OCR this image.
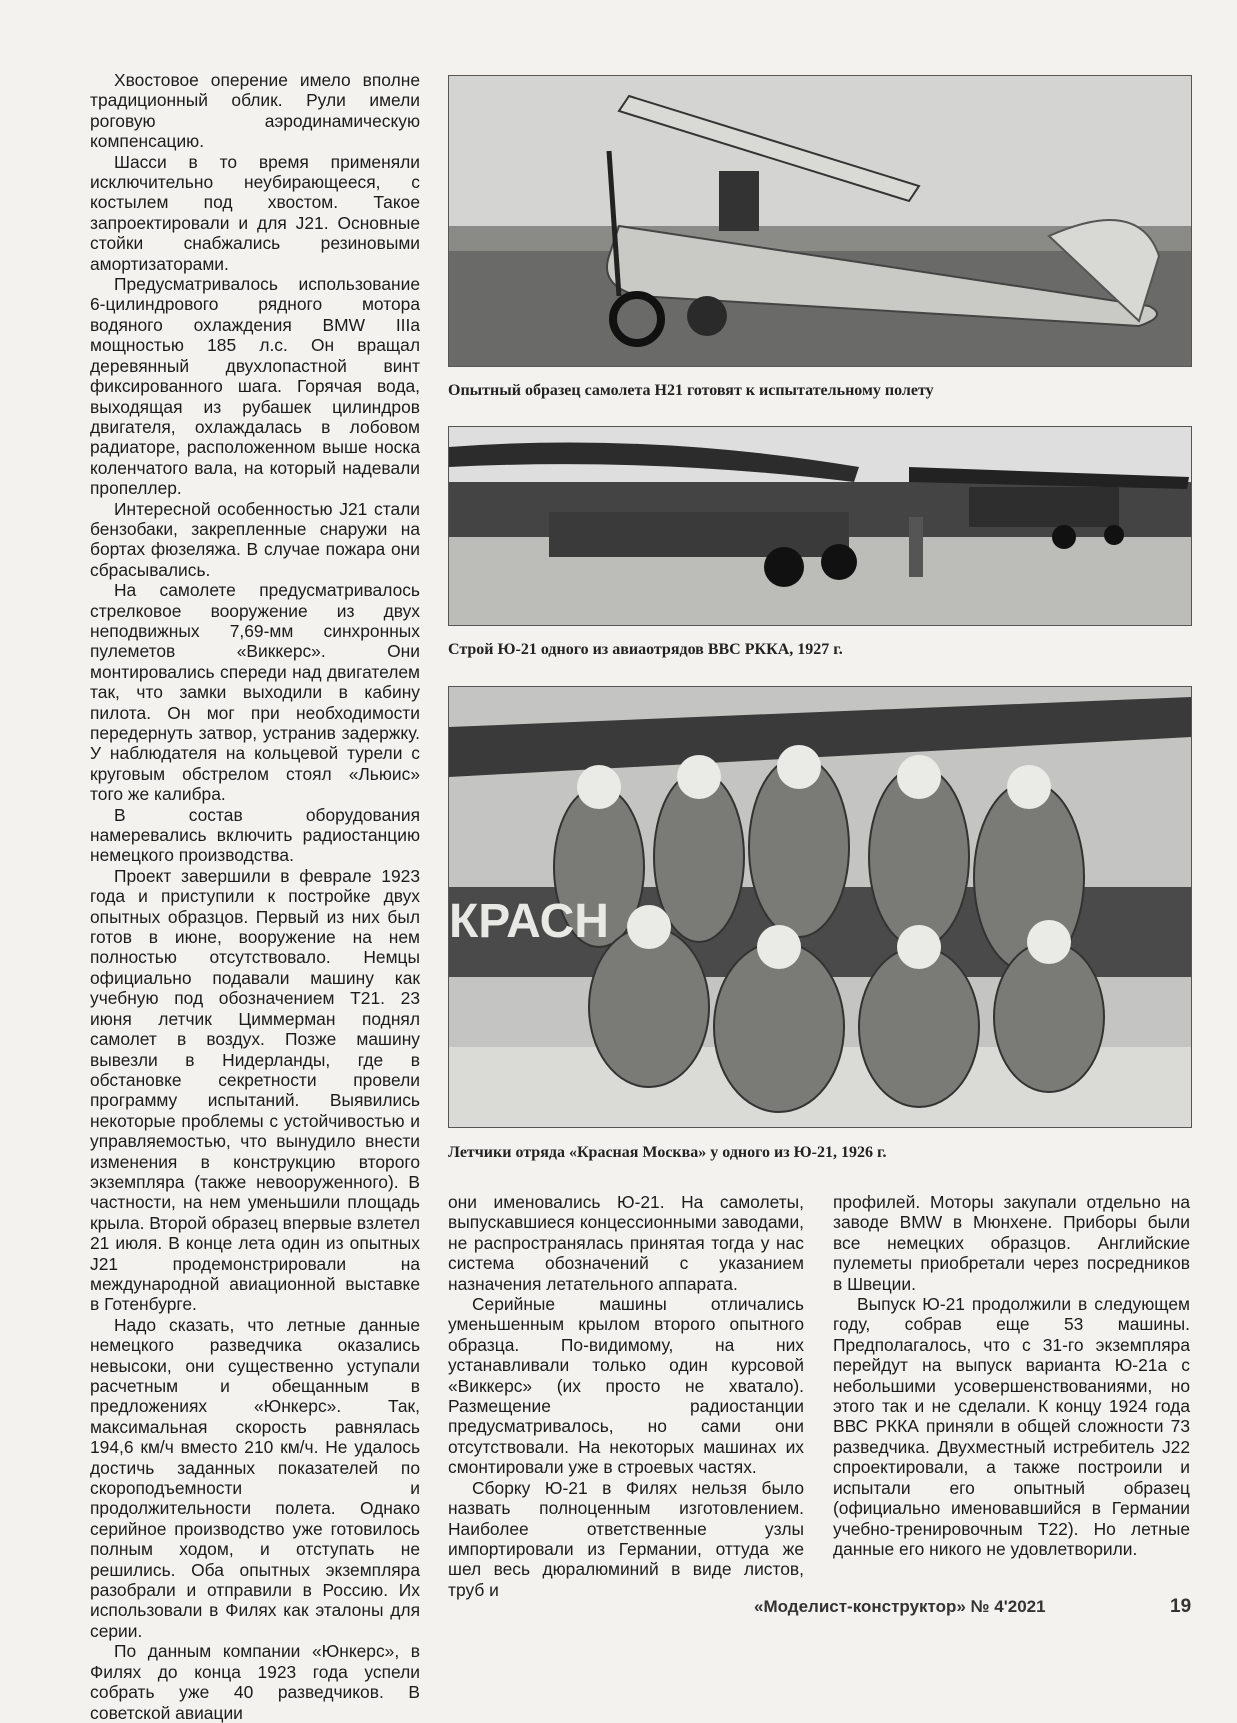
Хвостовое оперение имело вполне традиционный облик. Рули имели роговую аэродинамическую компенсацию.

Шасси в то время применяли исключительно неубирающееся, с костылем под хвостом. Такое запроектировали и для J21. Основные стойки снабжались резиновыми амортизаторами.

Предусматривалось использование 6-цилиндрового рядного мотора водяного охлаждения BMW IIIa мощностью 185 л.с. Он вращал деревянный двухлопастной винт фиксированного шага. Горячая вода, выходящая из рубашек цилиндров двигателя, охлаждалась в лобовом радиаторе, расположенном выше носка коленчатого вала, на который надевали пропеллер.

Интересной особенностью J21 стали бензобаки, закрепленные снаружи на бортах фюзеляжа. В случае пожара они сбрасывались.

На самолете предусматривалось стрелковое вооружение из двух неподвижных 7,69-мм синхронных пулеметов «Виккерс». Они монтировались спереди над двигателем так, что замки выходили в кабину пилота. Он мог при необходимости передернуть затвор, устранив задержку. У наблюдателя на кольцевой турели с круговым обстрелом стоял «Льюис» того же калибра.

В состав оборудования намеревались включить радиостанцию немецкого производства.

Проект завершили в феврале 1923 года и приступили к постройке двух опытных образцов. Первый из них был готов в июне, вооружение на нем полностью отсутствовало. Немцы официально подавали машину как учебную под обозначением T21. 23 июня летчик Циммерман поднял самолет в воздух. Позже машину вывезли в Нидерланды, где в обстановке секретности провели программу испытаний. Выявились некоторые проблемы с устойчивостью и управляемостью, что вынудило внести изменения в конструкцию второго экземпляра (также невооруженного). В частности, на нем уменьшили площадь крыла. Второй образец впервые взлетел 21 июля. В конце лета один из опытных J21 продемонстрировали на международной авиационной выставке в Готенбурге.

Надо сказать, что летные данные немецкого разведчика оказались невысоки, они существенно уступали расчетным и обещанным в предложениях «Юнкерс». Так, максимальная скорость равнялась 194,6 км/ч вместо 210 км/ч. Не удалось достичь заданных показателей по скороподъемности и продолжительности полета. Однако серийное производство уже готовилось полным ходом, и отступать не решились. Оба опытных экземпляра разобрали и отправили в Россию. Их использовали в Филях как эталоны для серии.

По данным компании «Юнкерс», в Филях до конца 1923 года успели собрать уже 40 разведчиков. В советской авиации

Опытный образец самолета H21 готовят к испытательному полету
Строй Ю-21 одного из авиаотрядов ВВС РККА, 1927 г.
КРАСН
Летчики отряда «Красная Москва» у одного из Ю-21, 1926 г.

они именовались Ю-21. На самолеты, выпускавшиеся концессионными заводами, не распространялась принятая тогда у нас система обозначений с указанием назначения летательного аппарата.

Серийные машины отличались уменьшенным крылом второго опытного образца. По-видимому, на них устанавливали только один курсовой «Виккерс» (их просто не хватало). Размещение радиостанции предусматривалось, но сами они отсутствовали. На некоторых машинах их смонтировали уже в строевых частях.

Сборку Ю-21 в Филях нельзя было назвать полноценным изготовлением. Наиболее ответственные узлы импортировали из Германии, оттуда же шел весь дюралюминий в виде листов, труб и

профилей. Моторы закупали отдельно на заводе BMW в Мюнхене. Приборы были все немецких образцов. Английские пулеметы приобретали через посредников в Швеции.

Выпуск Ю-21 продолжили в следующем году, собрав еще 53 машины. Предполагалось, что с 31-го экземпляра перейдут на выпуск варианта Ю-21а с небольшими усовершенствованиями, но этого так и не сделали. К концу 1924 года ВВС РККА приняли в общей сложности 73 разведчика. Двухместный истребитель J22 спроектировали, а также построили и испытали его опытный образец (официально именовавшийся в Германии учебно-тренировочным T22). Но летные данные его никого не удовлетворили.

«Моделист-конструктор» № 4'2021	19
